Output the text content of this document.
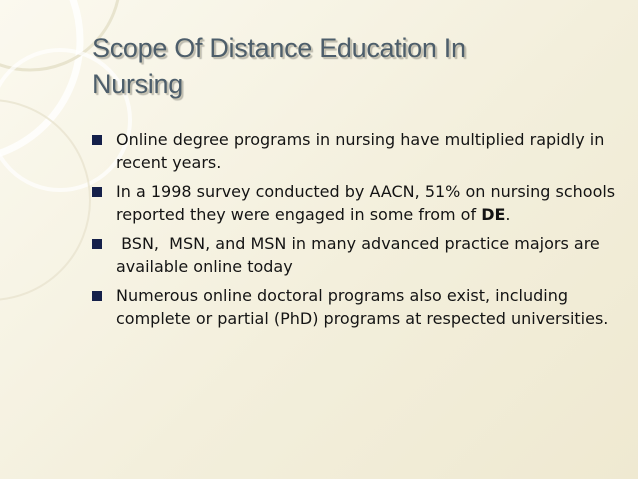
Scope Of Distance Education In
Nursing
Online degree programs in nursing have multiplied rapidly in recent years.
In a 1998 survey conducted by AACN, 51% on nursing schools reported they were engaged in some from of DE.
BSN,  MSN, and MSN in many advanced practice majors are available online today
Numerous online doctoral programs also exist, including complete or partial (PhD) programs at respected universities.
